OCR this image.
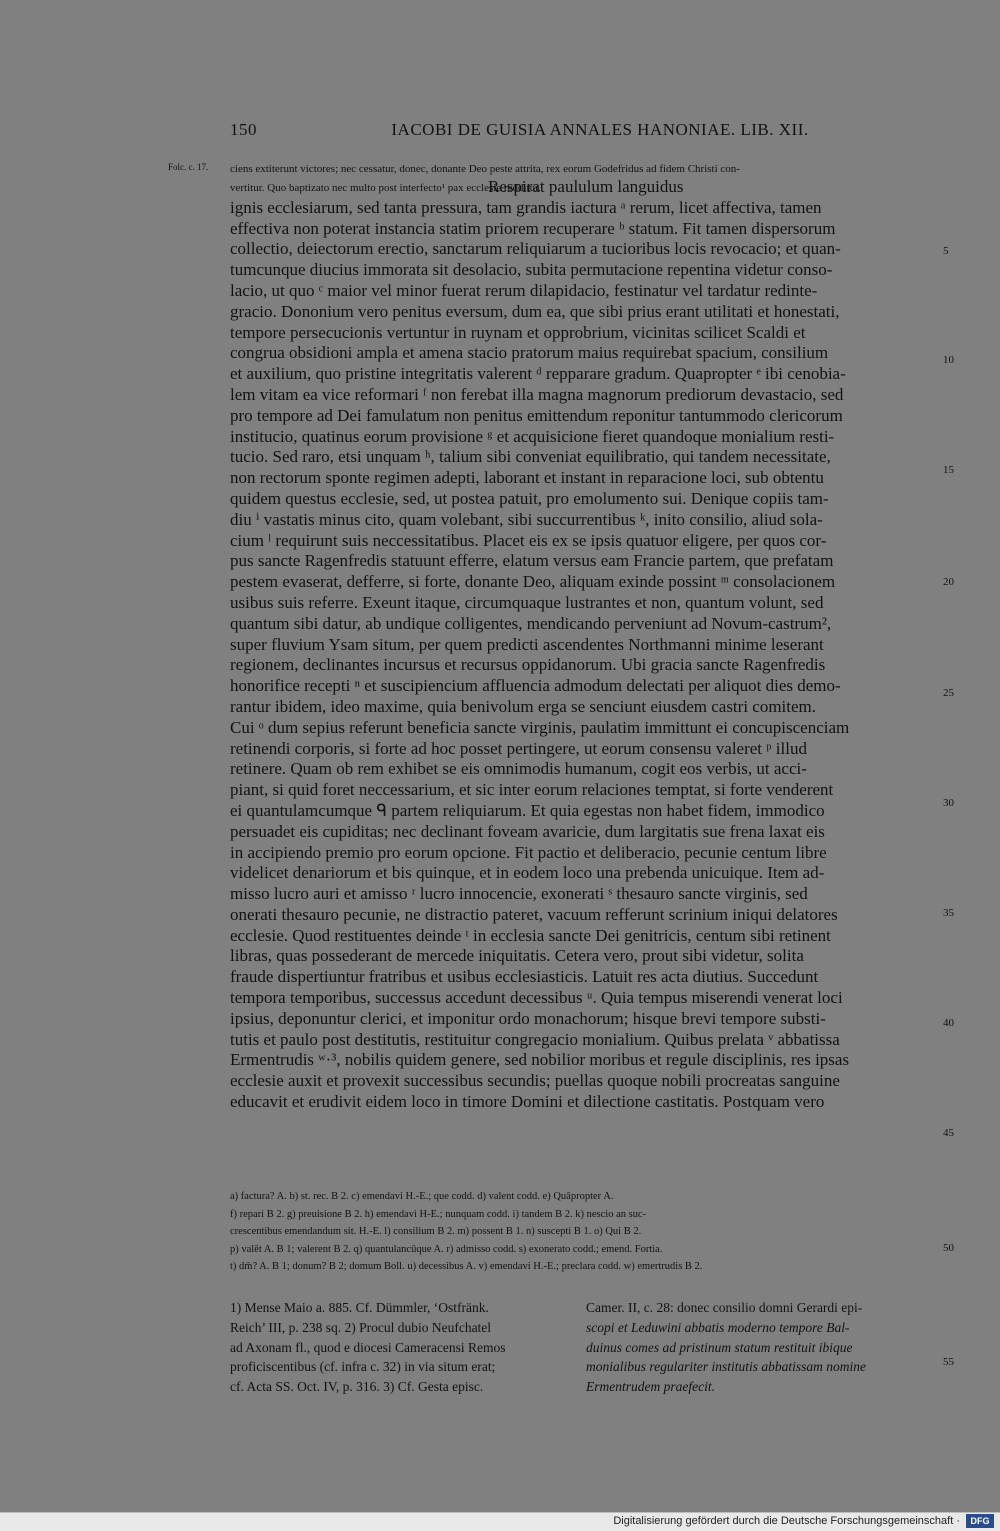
150	IACOBI DE GUISIA ANNALES HANONIAE. LIB. XII.
Folc. c. 17. ciens extiterunt victores; nec cessatur, donec, donante Deo peste attrita, rex eorum Godefridus ad fidem Christi con-
vertitur. Quo baptizato nec multo post interfecto¹ pax ecclesie redditur.
Respirat paululum languidus
ignis ecclesiarum, sed tanta pressura, tam grandis iactura ᵃ rerum, licet affectiva, tamen
effectiva non poterat instancia statim priorem recuperare ᵇ statum. Fit tamen dispersorum
collectio, deiectorum erectio, sanctarum reliquiarum a tucioribus locis revocacio; et quan-
tumcunque diucius immorata sit desolacio, subita permutacione repentina videtur conso-
lacio, ut quo ᶜ maior vel minor fuerat rerum dilapidacio, festinatur vel tardatur redinte-
gracio. Dononium vero penitus eversum, dum ea, que sibi prius erant utilitati et honestati,
tempore persecucionis vertuntur in ruynam et opprobrium, vicinitas scilicet Scaldi et
congrua obsidioni ampla et amena stacio pratorum maius requirebat spacium, consilium
et auxilium, quo pristine integritatis valerent ᵈ repparare gradum. Quapropter ᵉ ibi cenobia-
lem vitam ea vice reformari ᶠ non ferebat illa magna magnorum prediorum devastacio, sed
pro tempore ad Dei famulatum non penitus emittendum reponitur tantummodo clericorum
institucio, quatinus eorum provisione ᵍ et acquisicione fieret quandoque monialium resti-
tucio. Sed raro, etsi unquam ʰ, talium sibi conveniat equilibratio, qui tandem necessitate,
non rectorum sponte regimen adepti, laborant et instant in reparacione loci, sub obtentu
quidem questus ecclesie, sed, ut postea patuit, pro emolumento sui. Denique copiis tam-
diu ⁱ vastatis minus cito, quam volebant, sibi succurrentibus ᵏ, inito consilio, aliud sola-
cium ˡ requirunt suis neccessitatibus. Placet eis ex se ipsis quatuor eligere, per quos cor-
pus sancte Ragenfredis statuunt efferre, elatum versus eam Francie partem, que prefatam
pestem evaserat, defferre, si forte, donante Deo, aliquam exinde possint ᵐ consolacionem
usibus suis referre. Exeunt itaque, circumquaque lustrantes et non, quantum volunt, sed
quantum sibi datur, ab undique colligentes, mendicando perveniunt ad Novum-castrum²,
super fluvium Ysam situm, per quem predicti ascendentes Northmanni minime leserant
regionem, declinantes incursus et recursus oppidanorum. Ubi gracia sancte Ragenfredis
honorifice recepti ⁿ et suscipiencium affluencia admodum delectati per aliquot dies demo-
rantur ibidem, ideo maxime, quia benivolum erga se senciunt eiusdem castri comitem.
Cui ᵒ dum sepius referunt beneficia sancte virginis, paulatim immittunt ei concupiscenciam
retinendi corporis, si forte ad hoc posset pertingere, ut eorum consensu valeret ᵖ illud
retinere. Quam ob rem exhibet se eis omnimodis humanum, cogit eos verbis, ut acci-
piant, si quid foret neccessarium, et sic inter eorum relaciones temptat, si forte venderent
ei quantulamcumque ᑫ partem reliquiarum. Et quia egestas non habet fidem, immodico
persuadet eis cupiditas; nec declinant foveam avaricie, dum largitatis sue frena laxat eis
in accipiendo premio pro eorum opcione. Fit pactio et deliberacio, pecunie centum libre
videlicet denariorum et bis quinque, et in eodem loco una prebenda unicuique. Item ad-
misso lucro auri et amisso ʳ lucro innocencie, exonerati ˢ thesauro sancte virginis, sed
onerati thesauro pecunie, ne distractio pateret, vacuum refferunt scrinium iniqui delatores
ecclesie. Quod restituentes deinde ᵗ in ecclesia sancte Dei genitricis, centum sibi retinent
libras, quas possederant de mercede iniquitatis. Cetera vero, prout sibi videtur, solita
fraude dispertiuntur fratribus et usibus ecclesiasticis. Latuit res acta diutius. Succedunt
tempora temporibus, successus accedunt decessibus ᵘ. Quia tempus miserendi venerat loci
ipsius, deponuntur clerici, et imponitur ordo monachorum; hisque brevi tempore substi-
tutis et paulo post destitutis, restituitur congregacio monialium. Quibus prelata ᵛ abbatissa
Ermentrudis ʷ·³, nobilis quidem genere, sed nobilior moribus et regule disciplinis, res ipsas
ecclesie auxit et provexit successibus secundis; puellas quoque nobili procreatas sanguine
educavit et erudivit eidem loco in timore Domini et dilectione castitatis. Postquam vero
5
10
15
20
25
30
35
40
45
50
55
a) factura? A. b) st. rec. B 2. c) emendavi H.-E.; que codd. d) valent codd. e) Quāpropter A.
f) repari B 2. g) preuisione B 2. h) emendavi H-E.; nunquam codd. i) tandem B 2. k) nescio an suc-
crescentibus emendandum sit. H.-E. l) consilium B 2. m) possent B 1. n) suscepti B 1. o) Qui B 2.
p) valēt A. B 1; valerent B 2. q) quantulancūque A. r) admisso codd. s) exonerato codd.; emend. Fortia.
t) dm̄? A. B 1; donum? B 2; domum Boll. u) decessibus A. v) emendavi H.-E.; preclara codd. w) emertrudis B 2.
1) Mense Maio a. 885. Cf. Dümmler, ‘Ostfränk.
Reich’ III, p. 238 sq. 2) Procul dubio Neufchatel
ad Axonam fl., quod e diocesi Cameracensi Remos
proficiscentibus (cf. infra c. 32) in via situm erat;
cf. Acta SS. Oct. IV, p. 316. 3) Cf. Gesta episc.
Camer. II, c. 28: donec consilio domni Gerardi epi-
scopi et Leduwini abbatis moderno tempore Bal-
duinus comes ad pristinum statum restituit ibique
monialibus regulariter institutis abbatissam nomine
Ermentrudem praefecit.
Digitalisierung gefördert durch die Deutsche Forschungsgemeinschaft ·	DFG
